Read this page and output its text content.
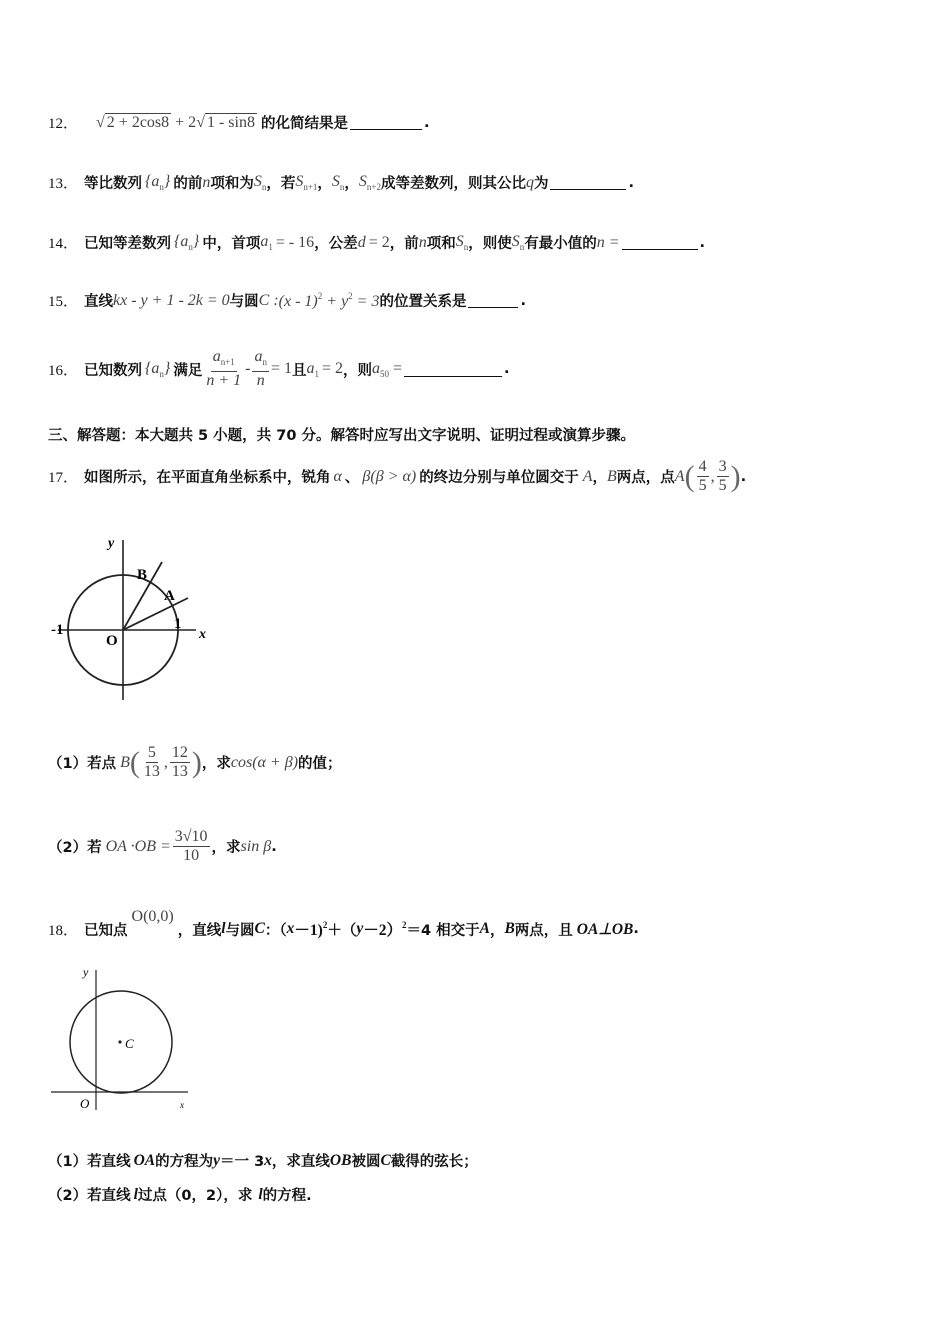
12． √ 2 + 2cos8 + 2√ 1 - sin8 的化简结果是	.
13． 等比数列 $\{a_n\}$ 的前 n 项和为 $S_n$ ，若 $S_{n+1}$ ， $S_n$ ， $S_{n+2}$ 成等差数列，则其公比 q 为	.
14． 已知等差数列 $\{a_n\}$ 中，首项 $a_1$ = - 16 ，公差 d = 2 ，前 n 项和 $S_n$ ，则使 $S_n$ 有最小值的 n =	.
15． 直线 kx - y + 1 - 2k = 0 与圆 C : $(x - 1)^2 + y^2 = 3$ 的位置关系是	.
16． 已知数列 $\{a_n\}$ 满足 $\frac{a_{n+1}}{n + 1} - \frac{a_n}{n} = 1$ 且 $a_1 = 2$ ，则 $a_{50}$ =	.
三、解答题：本大题共 5 小题，共 70 分。解答时应写出文字说明、证明过程或演算步骤。
17． 如图所示，在平面直角坐标系中，锐角 α 、 β(β > α) 的终边分别与单位圆交于 A ， B 两点，点 A ( $\frac{4}{5}$ , $\frac{3}{5}$ ) .
y
x
B
A
O
-1	1
（1）若点 B ( $\frac{5}{13}$ , $\frac{12}{13}$ ) ，求 cos(α + β) 的值；
（2）若 OA $\cdot OB = \frac{3√10}{10}$ ，求 sin β .
18． 已知点
O(0,0)
，直线 l 与圆 C ：（ x －1)$^2$ ＋（ y －2）$^2$ ＝4 相交于 A ， B 两点，且 OA⊥OB .
C
y
x
O
（1）若直线 OA 的方程为 y ＝一 3 x ，求直线 OB 被圆 C 截得的弦长；
（2）若直线 l 过点（0，2），求 l 的方程.
